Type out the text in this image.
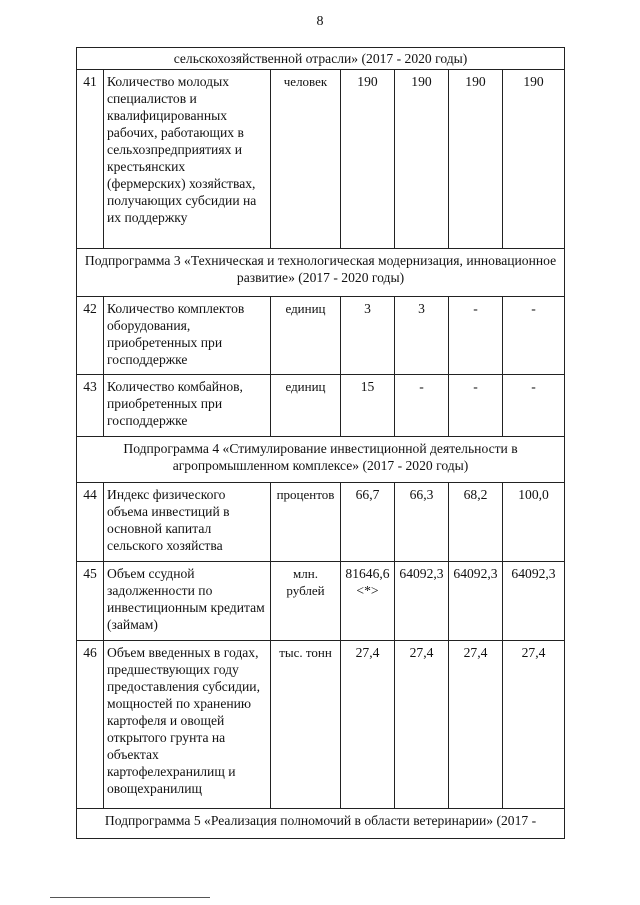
8
сельскохозяйственной отрасли» (2017 - 2020 годы)						
41	Количество молодых специалистов и квалифицированных рабочих, работающих в сельхозпредприятиях и крестьянских (фермерских) хозяйствах, получающих субсидии на их поддержку	человек	190	190	190	190
Подпрограмма 3 «Техническая и технологическая модернизация, инновационное развитие» (2017 - 2020 годы)						
42	Количество комплектов оборудования, приобретенных при господдержке	единиц	3	3	-	-
43	Количество комбайнов, приобретенных при господдержке	единиц	15	-	-	-
Подпрограмма 4 «Стимулирование инвестиционной деятельности в агропромышленном комплексе» (2017 - 2020 годы)						
44	Индекс физического объема инвестиций в основной капитал сельского хозяйства	процентов	66,7	66,3	68,2	100,0
45	Объем ссудной задолженности по инвестиционным кредитам (займам)	млн. рублей	81646,6 <*>	64092,3	64092,3	64092,3
46	Объем введенных в годах, предшествующих году предоставления субсидии, мощностей по хранению картофеля и овощей открытого грунта на объектах картофелехранилищ и овощехранилищ	тыс. тонн	27,4	27,4	27,4	27,4
Подпрограмма 5 «Реализация полномочий в области ветеринарии» (2017 -						
